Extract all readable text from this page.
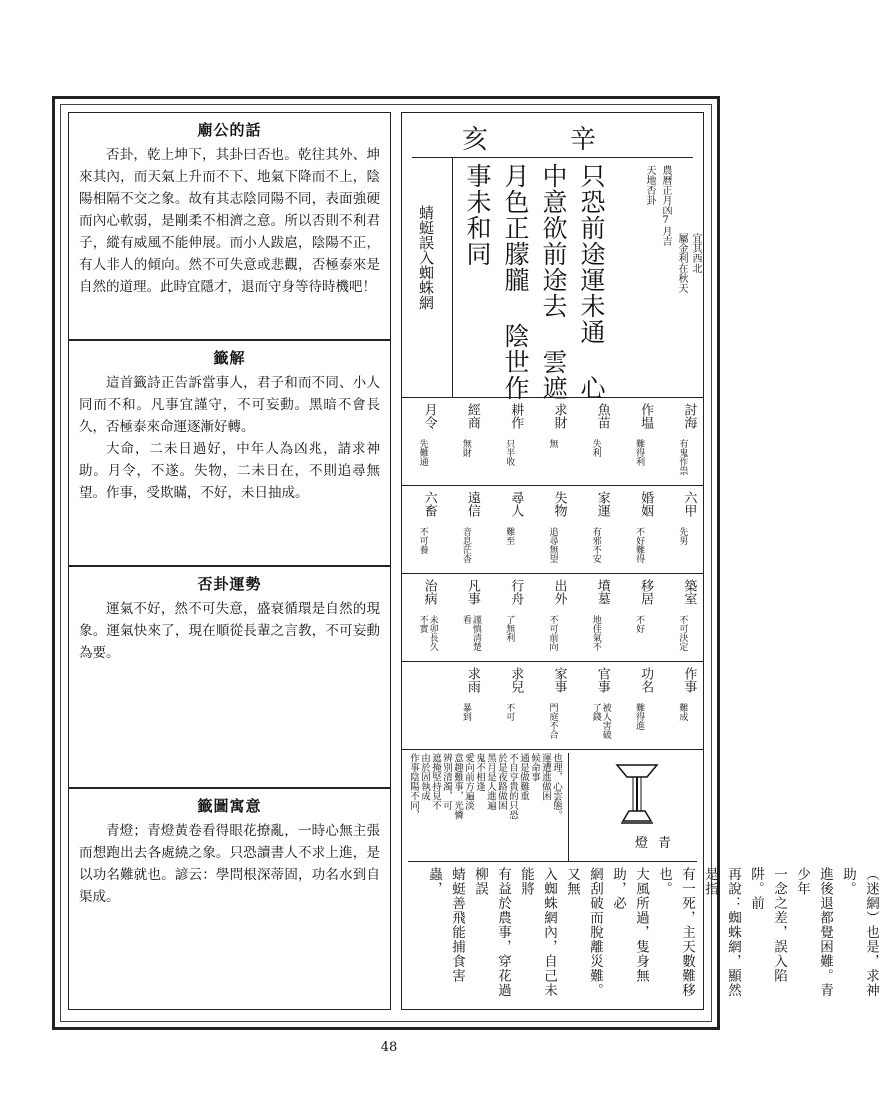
廟公的話

否卦，乾上坤下，其卦曰否也。乾往其外、坤來其內，而天氣上升而不下、地氣下降而不上，陰陽相隔不交之象。故有其志陰同陽不同，表面強硬而內心軟弱，是剛柔不相濟之意。所以否則不利君子，縱有威風不能伸展。而小人跋扈，陰陽不正，有人非人的傾向。然不可失意或悲觀，否極泰來是自然的道理。此時宜隱才，退而守身等待時機吧！

籤解

這首籤詩正告訴當事人，君子和而不同、小人同而不和。凡事宜謹守，不可妄動。黑暗不會長久，否極泰來命運逐漸好轉。

大命，二未日過好，中年人為凶兆，請求神助。月令，不遂。失物，二未日在，不則追尋無望。作事，受欺瞞，不好，未日抽成。

否卦運勢

運氣不好，然不可失意，盛衰循環是自然的現象。運氣快來了，現在順從長輩之言教，不可妄動為要。

籤圖寓意

青燈；青燈黃卷看得眼花撩亂，一時心無主張而想跑出去各處繞之象。只恐讀書人不求上進，是以功名難就也。諺云：學問根深蒂固，功名水到自渠成。

亥	辛
天地否卦 農曆正月凶7月吉
屬金利在秋天 宜其西北
只恐前途運未通 心中意欲前途去 雲遮月色正朦朧 陰世作事未和同
蜻蜓誤入蜘蛛網
討海
有鬼作祟
作塭
難得利
魚苗
失利
求財
無
耕作
只半收
經商
無財
月令
先難通
六甲
先男
婚姻
不好難得
家運
有邪不安
失物
追尋無望
尋人
難至
遠信
音息茫杳
六畜
不可養
築室
不可決定
移居
不好
墳墓
地佳氣不
出外
不可前向
行舟
了無利
凡事
謹慎清楚看
治病
未卯長久不實
作事
難成
功名
難得進
官事
被人害破了錢
家事
門庭不合
求兒
不可
求雨
暴到
也理，心雲態。
運遭進做困
候命事
通是做難重
不自亨貴的只恐
於是夜路做困
黑月是人進遍
鬼不相逢
愛向前方遍淡
意趣難事，光憐
辨別清濁，可
遮掩堅持見不
由於固執成
作事陰陽不同，

燈青
（迷網）也是，求神助。
進後退都覺困難。青少年
一念之差，誤入陷阱。前
再說：蜘蛛網，顯然是指
有一死，主天數難移也。
大風所過，隻身無助，必
網刮破而脫離災難。又無
入蜘蛛網內，自己未能將
有益於農事，穿花過柳誤
蜻蜓善飛能捕食害蟲，

48
